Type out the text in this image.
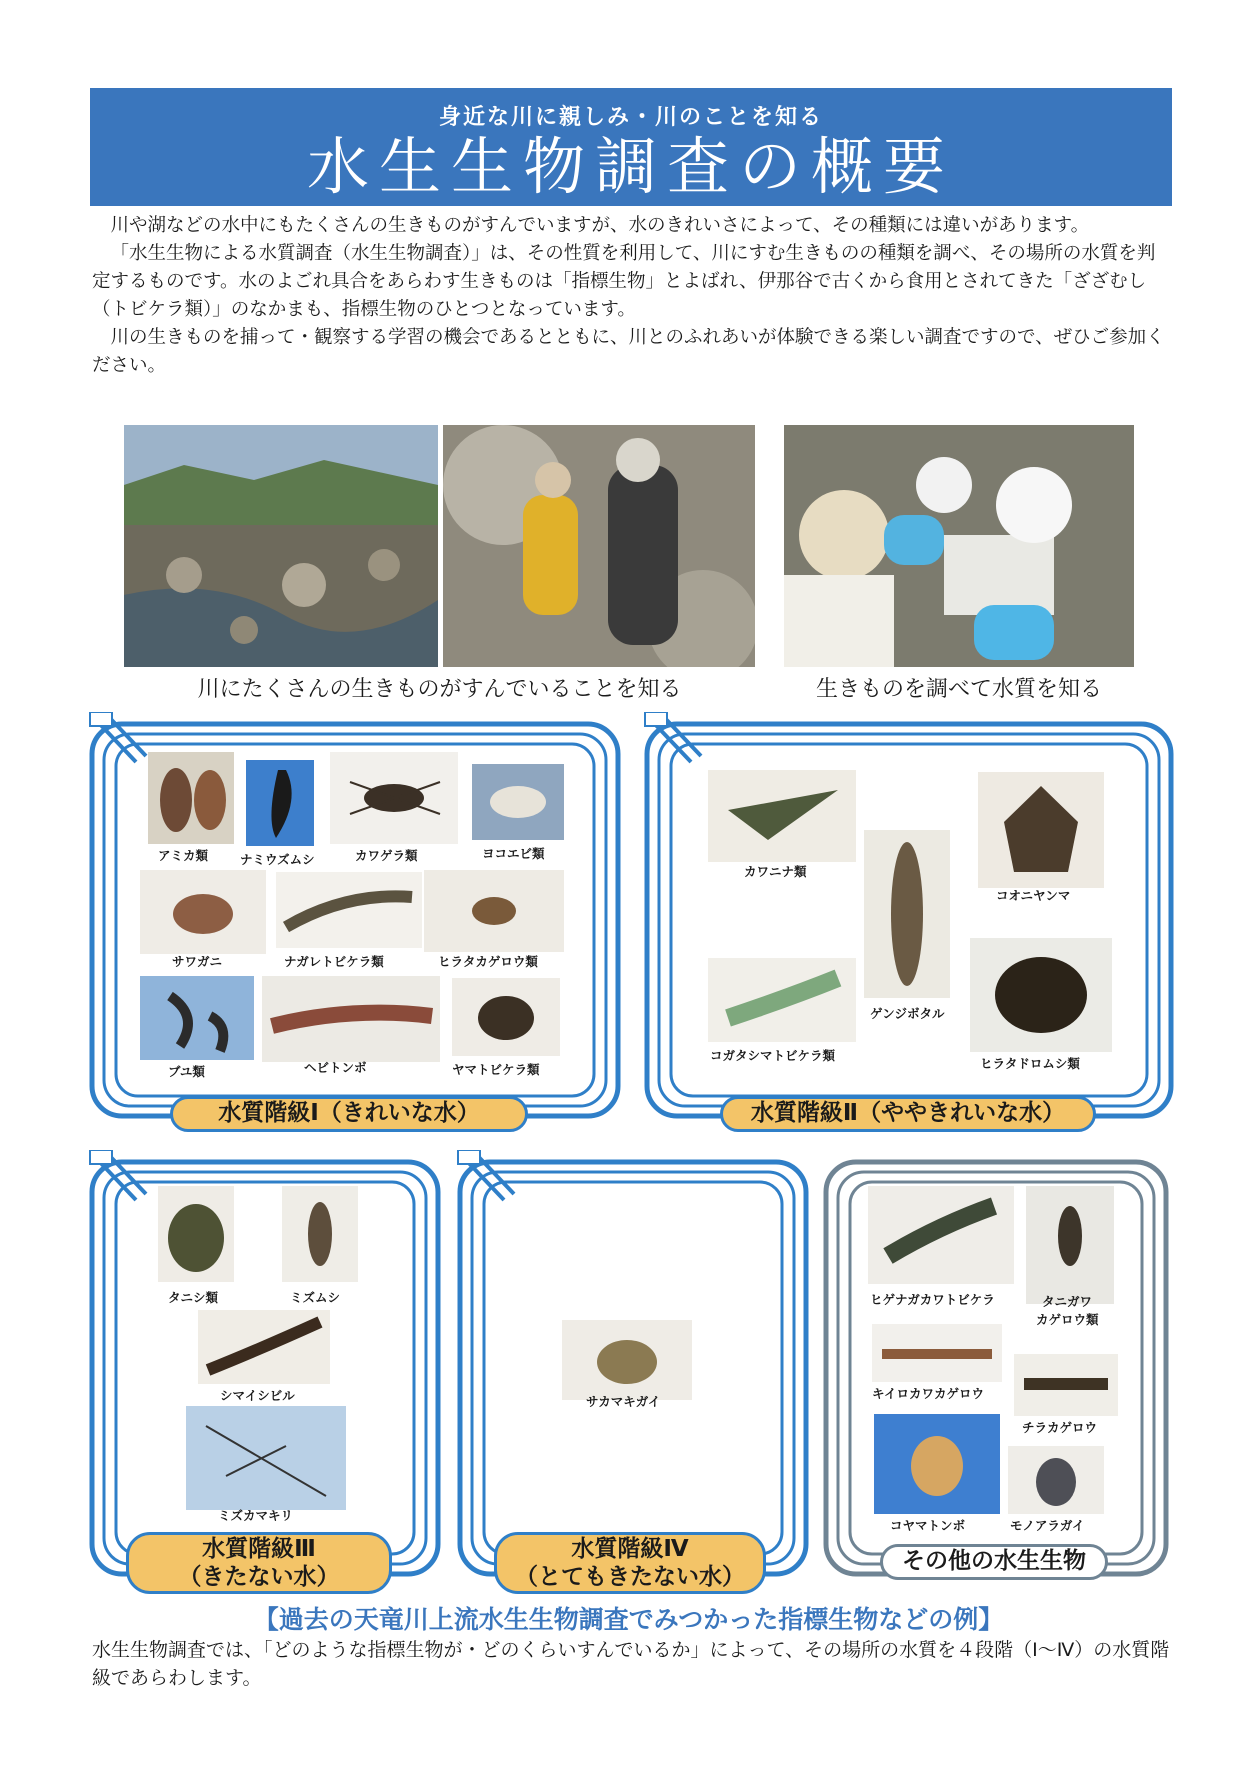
身近な川に親しみ・川のことを知る
水生生物調査の概要

川や湖などの水中にもたくさんの生きものがすんでいますが、水のきれいさによって、その種類には違いがあります。

「水生生物による水質調査（水生生物調査）」は、その性質を利用して、川にすむ生きものの種類を調べ、その場所の水質を判定するものです。水のよごれ具合をあらわす生きものは「指標生物」とよばれ、伊那谷で古くから食用とされてきた「ざざむし（トビケラ類）」のなかまも、指標生物のひとつとなっています。

川の生きものを捕って・観察する学習の機会であるとともに、川とのふれあいが体験できる楽しい調査ですので、ぜひご参加ください。

川にたくさんの生きものがすんでいることを知る	生きものを調べて水質を知る
アミカ類	ナミウズムシ	カワゲラ類	ヨコエビ類
サワガニ	ナガレトビケラ類	ヒラタカゲロウ類
ブユ類	ヘビトンボ	ヤマトビケラ類
水質階級Ⅰ（きれいな水）
カワニナ類
ゲンジボタル
コオニヤンマ
コガタシマトビケラ類
ヒラタドロムシ類
水質階級Ⅱ（ややきれいな水）
タニシ類	ミズムシ
シマイシビル
ミズカマキリ
水質階級Ⅲ
（きたない水）
サカマキガイ
水質階級Ⅳ
（とてもきたない水）
ヒゲナガカワトビケラ	タニガワ
カゲロウ類
キイロカワカゲロウ
チラカゲロウ
コヤマトンボ	モノアラガイ
その他の水生生物
【過去の天竜川上流水生生物調査でみつかった指標生物などの例】
水生生物調査では、「どのような指標生物が・どのくらいすんでいるか」によって、その場所の水質を４段階（Ⅰ〜Ⅳ）の水質階級であらわします。
